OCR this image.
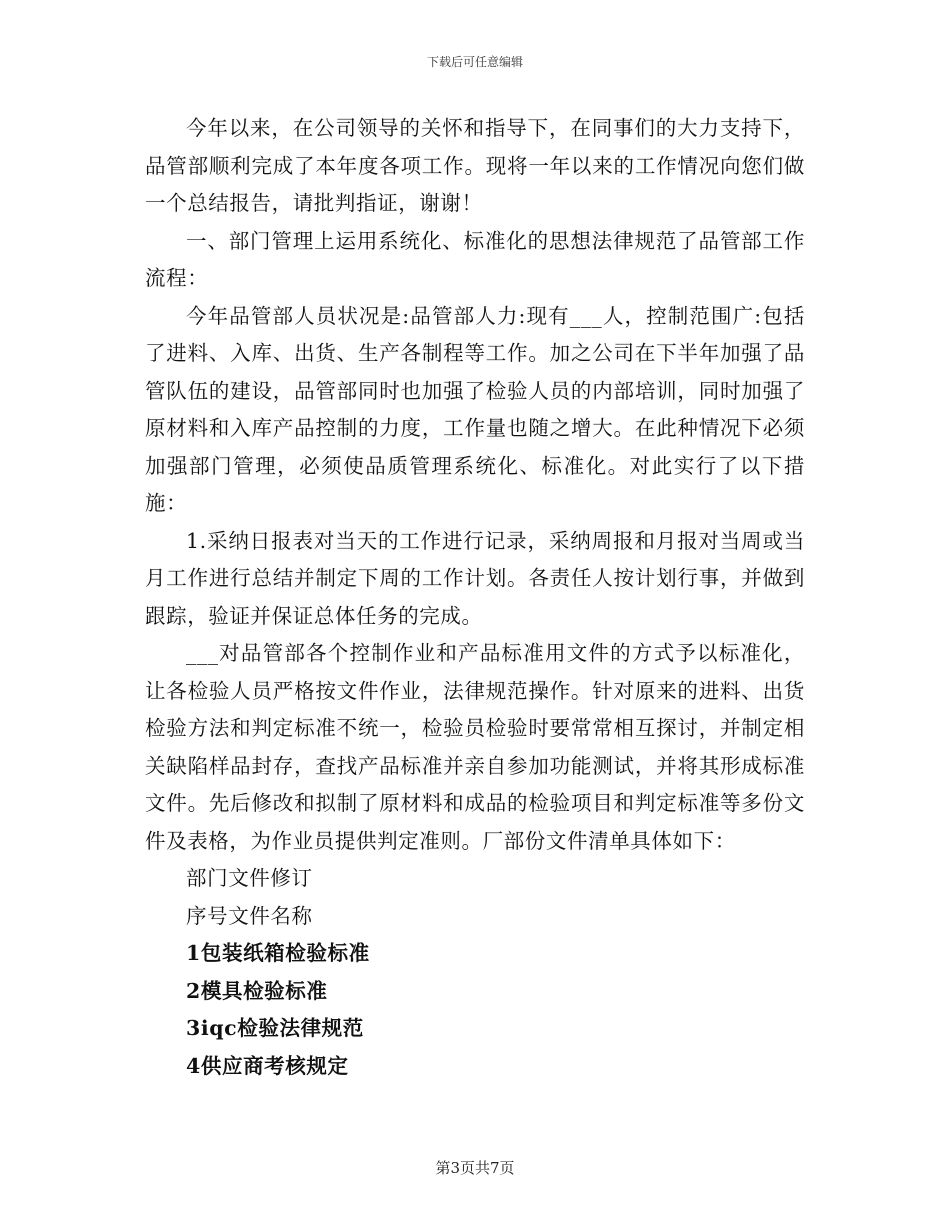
下载后可任意编辑

今年以来，在公司领导的关怀和指导下，在同事们的大力支持下，品管部顺利完成了本年度各项工作。现将一年以来的工作情况向您们做一个总结报告，请批判指证，谢谢！

一、部门管理上运用系统化、标准化的思想法律规范了品管部工作流程：

今年品管部人员状况是:品管部人力:现有___人，控制范围广:包括了进料、入库、出货、生产各制程等工作。加之公司在下半年加强了品管队伍的建设，品管部同时也加强了检验人员的内部培训，同时加强了原材料和入库产品控制的力度，工作量也随之增大。在此种情况下必须加强部门管理，必须使品质管理系统化、标准化。对此实行了以下措施：

1.采纳日报表对当天的工作进行记录，采纳周报和月报对当周或当月工作进行总结并制定下周的工作计划。各责任人按计划行事，并做到跟踪，验证并保证总体任务的完成。

___对品管部各个控制作业和产品标准用文件的方式予以标准化，让各检验人员严格按文件作业，法律规范操作。针对原来的进料、出货检验方法和判定标准不统一，检验员检验时要常常相互探讨，并制定相关缺陷样品封存，查找产品标准并亲自参加功能测试，并将其形成标准文件。先后修改和拟制了原材料和成品的检验项目和判定标准等多份文件及表格，为作业员提供判定准则。厂部份文件清单具体如下：

部门文件修订

序号文件名称

1包装纸箱检验标准

2模具检验标准

3iqc检验法律规范

4供应商考核规定

第3页共7页
